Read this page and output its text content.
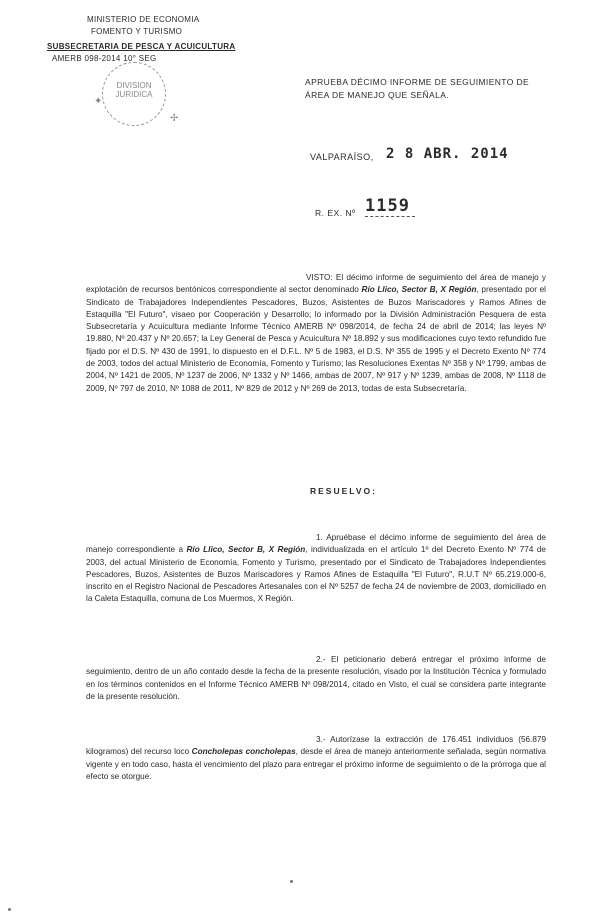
MINISTERIO DE ECONOMIA
FOMENTO Y TURISMO
SUBSECRETARIA DE PESCA Y ACUICULTURA
AMERB 098-2014 10° SEG
DIVISION
JURIDICA
✦
✢
APRUEBA DÉCIMO INFORME DE SEGUIMIENTO DE ÁREA DE MANEJO QUE SEÑALA.
VALPARAÍSO, 2 8 ABR. 2014
R. EX. Nº 1159
VISTO: El décimo informe de seguimiento del área de manejo y explotación de recursos bentónicos correspondiente al sector denominado Río Llico, Sector B, X Región, presentado por el Sindicato de Trabajadores Independientes Pescadores, Buzos, Asistentes de Buzos Mariscadores y Ramos Afines de Estaquilla "El Futuro", visaeo por Cooperación y Desarrollo; lo informado por la División Administración Pesquera de esta Subsecretaría y Acuicultura mediante Informe Técnico AMERB Nº 098/2014, de fecha 24 de abril de 2014; las leyes Nº 19.880, Nº 20.437 y Nº 20.657; la Ley General de Pesca y Acuicultura Nº 18.892 y sus modificaciones cuyo texto refundido fue fijado por el D.S. Nº 430 de 1991, lo dispuesto en el D.F.L. Nº 5 de 1983, el D.S. Nº 355 de 1995 y el Decreto Exento Nº 774 de 2003, todos del actual Ministerio de Economía, Fomento y Turismo; las Resoluciones Exentas Nº 358 y Nº 1799, ambas de 2004, Nº 1421 de 2005, Nº 1237 de 2006, Nº 1332 y Nº 1466, ambas de 2007, Nº 917 y Nº 1239, ambas de 2008, Nº 1118 de 2009, Nº 797 de 2010, Nº 1088 de 2011, Nº 829 de 2012 y Nº 269 de 2013, todas de esta Subsecretaría.
RESUELVO:
1. Apruébase el décimo informe de seguimiento del área de manejo correspondiente a Río Llico, Sector B, X Región, individualizada en el artículo 1º del Decreto Exento Nº 774 de 2003, del actual Ministerio de Economía, Fomento y Turismo, presentado por el Sindicato de Trabajadores Independientes Pescadores, Buzos, Asistentes de Buzos Mariscadores y Ramos Afines de Estaquilla "El Futuro", R.U.T Nº 65.219.000-6, inscrito en el Registro Nacional de Pescadores Artesanales con el Nº 5257 de fecha 24 de noviembre de 2003, domiciliado en la Caleta Estaquilla, comuna de Los Muermos, X Región.
2.- El peticionario deberá entregar el próximo informe de seguimiento, dentro de un año contado desde la fecha de la presente resolución, visado por la Institución Técnica y formulado en los términos contenidos en el Informe Técnico AMERB Nº 098/2014, citado en Visto, el cual se considera parte integrante de la presente resolución.
3.- Autorízase la extracción de 176.451 individuos (56.879 kilogramos) del recurso loco Concholepas concholepas, desde el área de manejo anteriormente señalada, según normativa vigente y en todo caso, hasta el vencimiento del plazo para entregar el próximo informe de seguimiento o de la prórroga que al efecto se otorgue.
